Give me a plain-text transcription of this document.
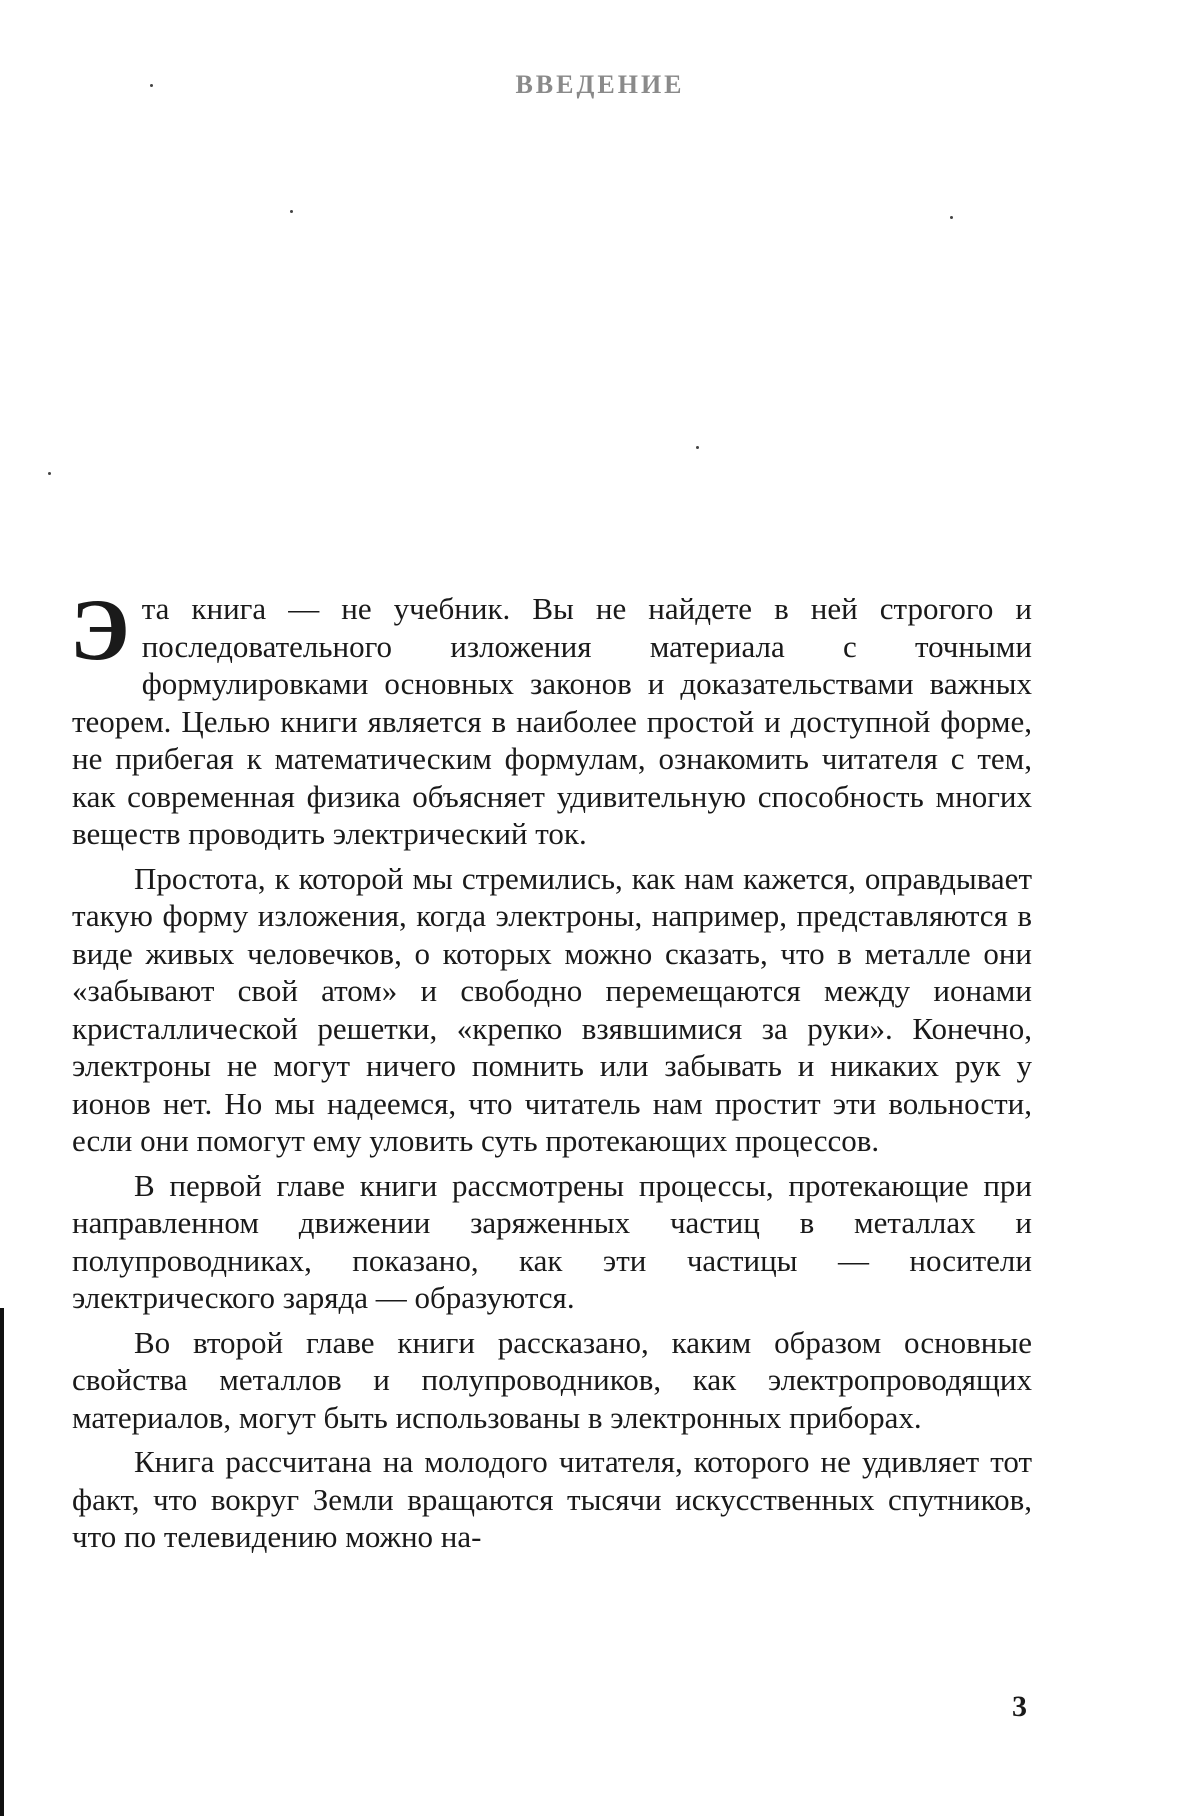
ВВЕДЕНИЕ

Эта книга — не учебник. Вы не найдете в ней строгого и последовательного изложения материала с точными формулировками основных законов и доказательствами важных теорем. Целью книги является в наиболее простой и доступной форме, не прибегая к математическим формулам, ознакомить читателя с тем, как современная физика объясняет удивительную способность многих веществ проводить электрический ток.

Простота, к которой мы стремились, как нам кажется, оправдывает такую форму изложения, когда электроны, например, представляются в виде живых человечков, о которых можно сказать, что в металле они «забывают свой атом» и свободно перемещаются между ионами кристаллической решетки, «крепко взявшимися за руки». Конечно, электроны не могут ничего помнить или забывать и никаких рук у ионов нет. Но мы надеемся, что читатель нам простит эти вольности, если они помогут ему уловить суть протекающих процессов.

В первой главе книги рассмотрены процессы, протекающие при направленном движении заряженных частиц в металлах и полупроводниках, показано, как эти частицы — носители электрического заряда — образуются.

Во второй главе книги рассказано, каким образом основные свойства металлов и полупроводников, как электропроводящих материалов, могут быть использованы в электронных приборах.

Книга рассчитана на молодого читателя, которого не удивляет тот факт, что вокруг Земли вращаются тысячи искусственных спутников, что по телевидению можно на-

3
